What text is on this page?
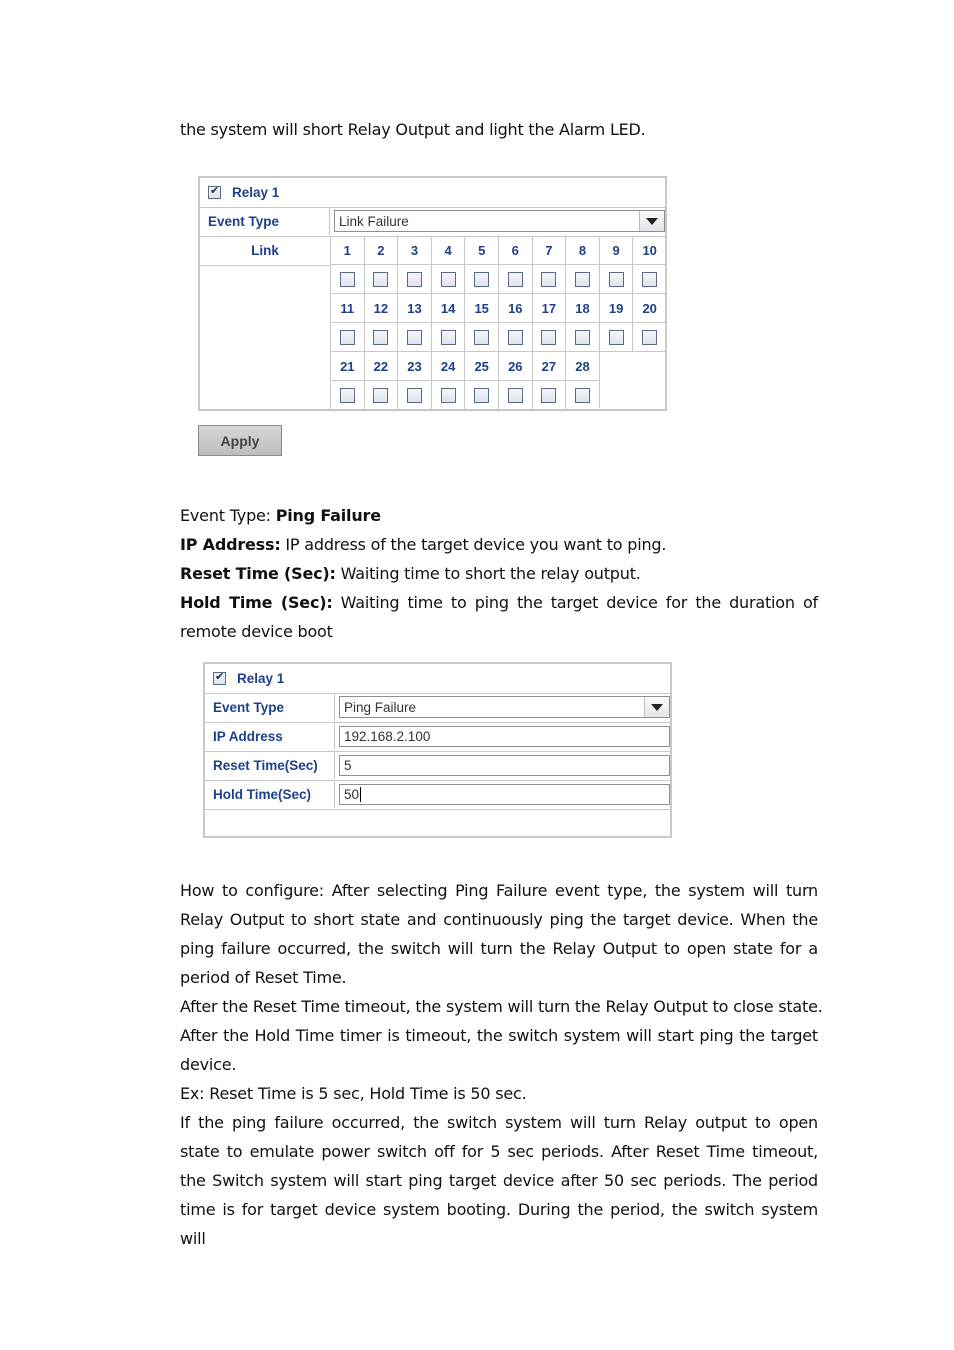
the system will short Relay Output and light the Alarm LED.

✔
Relay 1
Event Type	Link Failure
Link	1	2	3	4	5	6	7	8	9	10
11	12	13	14	15	16	17	18	19	20
21	22	23	24	25	26	27	28
Apply

Event Type: Ping Failure

IP Address: IP address of the target device you want to ping.

Reset Time (Sec): Waiting time to short the relay output.

Hold Time (Sec): Waiting time to ping the target device for the duration of remote device boot

✔
Relay 1
Event Type	Ping Failure
IP Address	192.168.2.100
Reset Time(Sec)	5
Hold Time(Sec)	50

How to configure: After selecting Ping Failure event type, the system will turn Relay Output to short state and continuously ping the target device. When the ping failure occurred, the switch will turn the Relay Output to open state for a period of Reset Time.

After the Reset Time timeout, the system will turn the Relay Output to close state.

After the Hold Time timer is timeout, the switch system will start ping the target device.

Ex: Reset Time is 5 sec, Hold Time is 50 sec.

If the ping failure occurred, the switch system will turn Relay output to open state to emulate power switch off for 5 sec periods. After Reset Time timeout, the Switch system will start ping target device after 50 sec periods. The period time is for target device system booting. During the period, the switch system will
